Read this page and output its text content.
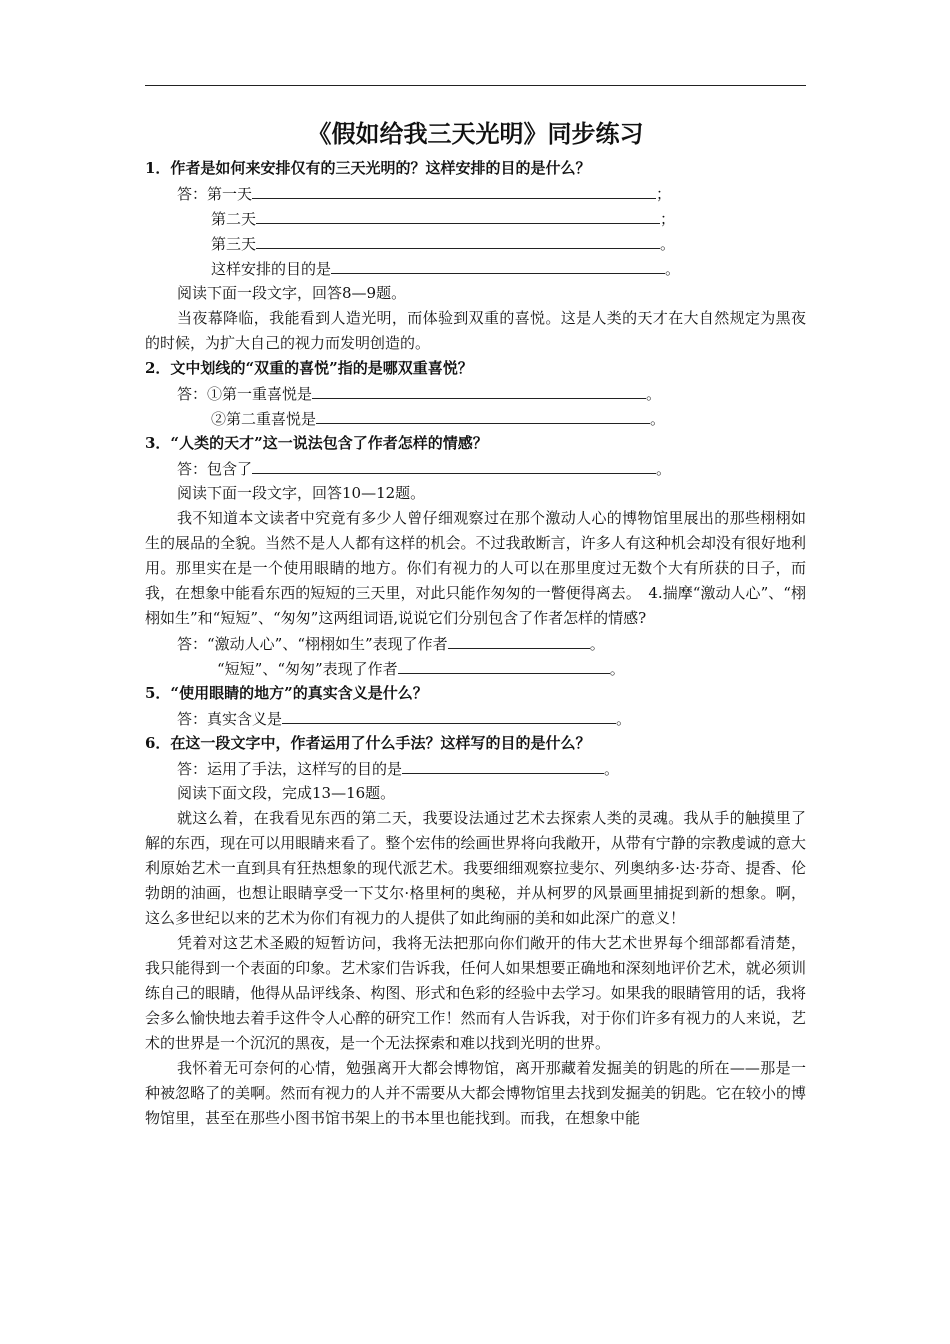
《假如给我三天光明》同步练习
1．作者是如何来安排仅有的三天光明的？这样安排的目的是什么？
答：第一天	；
第二天	；
第三天	。
这样安排的目的是	。
阅读下面一段文字，回答8—9题。
当夜幕降临，我能看到人造光明，而体验到双重的喜悦。这是人类的天才在大自然规定为黑夜的时候，为扩大自己的视力而发明创造的。
2．文中划线的“双重的喜悦”指的是哪双重喜悦？
答：①第一重喜悦是	。
②第二重喜悦是	。
3．“人类的天才”这一说法包含了作者怎样的情感？
答：包含了	。
阅读下面一段文字，回答10—12题。
我不知道本文读者中究竟有多少人曾仔细观察过在那个激动人心的博物馆里展出的那些栩栩如生的展品的全貌。当然不是人人都有这样的机会。不过我敢断言，许多人有这种机会却没有很好地利用。那里实在是一个使用眼睛的地方。你们有视力的人可以在那里度过无数个大有所获的日子，而我，在想象中能看东西的短短的三天里，对此只能作匆匆的一瞥便得离去。　4.揣摩“激动人心”、“栩栩如生”和“短短”、“匆匆”这两组词语,说说它们分别包含了作者怎样的情感?
答：“激动人心”、“栩栩如生”表现了作者	。
“短短”、“匆匆”表现了作者	。
5．“使用眼睛的地方”的真实含义是什么？
答：真实含义是	。
6．在这一段文字中，作者运用了什么手法？这样写的目的是什么？
答：运用了手法，这样写的目的是	。
阅读下面文段，完成13—16题。
就这么着，在我看见东西的第二天，我要设法通过艺术去探索人类的灵魂。我从手的触摸里了解的东西，现在可以用眼睛来看了。整个宏伟的绘画世界将向我敞开，从带有宁静的宗教虔诚的意大利原始艺术一直到具有狂热想象的现代派艺术。我要细细观察拉斐尔、列奥纳多·达·芬奇、提香、伦勃朗的油画，也想让眼睛享受一下艾尔·格里柯的奥秘，并从柯罗的风景画里捕捉到新的想象。啊，这么多世纪以来的艺术为你们有视力的人提供了如此绚丽的美和如此深广的意义！
凭着对这艺术圣殿的短暂访问，我将无法把那向你们敞开的伟大艺术世界每个细部都看清楚，我只能得到一个表面的印象。艺术家们告诉我，任何人如果想要正确地和深刻地评价艺术，就必须训练自己的眼睛，他得从品评线条、构图、形式和色彩的经验中去学习。如果我的眼睛管用的话，我将会多么愉快地去着手这件令人心醉的研究工作！然而有人告诉我，对于你们许多有视力的人来说，艺术的世界是一个沉沉的黑夜，是一个无法探索和难以找到光明的世界。
我怀着无可奈何的心情，勉强离开大都会博物馆，离开那藏着发掘美的钥匙的所在——那是一种被忽略了的美啊。然而有视力的人并不需要从大都会博物馆里去找到发掘美的钥匙。它在较小的博物馆里，甚至在那些小图书馆书架上的书本里也能找到。而我，在想象中能
